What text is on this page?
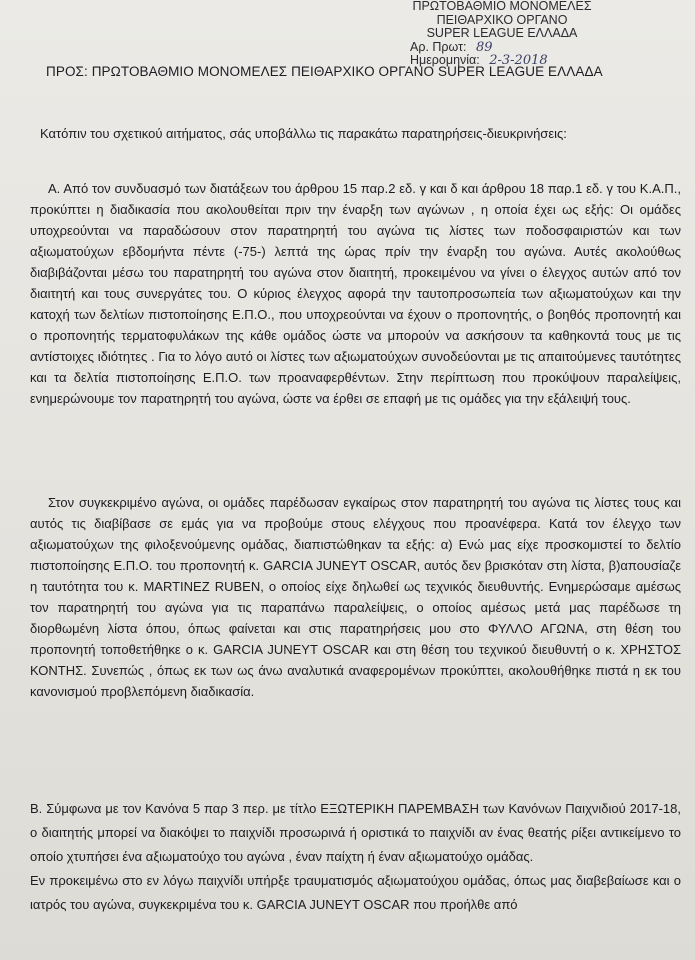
ΠΡΩΤΟΒΑΘΜΙΟ ΜΟΝΟΜΕΛΕΣ
ΠΕΙΘΑΡΧΙΚΟ ΟΡΓΑΝΟ
SUPER LEAGUE ΕΛΛΑΔΑ
Αρ. Πρωτ: 89
Ημερομηνία: 2-3-2018
ΠΡΟΣ: ΠΡΩΤΟΒΑΘΜΙΟ ΜΟΝΟΜΕΛΕΣ ΠΕΙΘΑΡΧΙΚΟ ΟΡΓΑΝΟ SUPER LEAGUE ΕΛΛΑΔΑ

Κατόπιν του σχετικού αιτήματος, σάς υποβάλλω τις παρακάτω παρατηρήσεις-διευκρινήσεις:

Α. Από τον συνδυασμό των διατάξεων του άρθρου 15 παρ.2 εδ. γ και δ και άρθρου 18 παρ.1 εδ. γ του Κ.Α.Π., προκύπτει η διαδικασία που ακολουθείται πριν την έναρξη των αγώνων , η οποία έχει ως εξής: Οι ομάδες υποχρεούνται να παραδώσουν στον παρατηρητή του αγώνα τις λίστες των ποδοσφαιριστών και των αξιωματούχων εβδομήντα πέντε (-75-) λεπτά της ώρας πρίν την έναρξη του αγώνα. Αυτές ακολούθως διαβιβάζονται μέσω του παρατηρητή του αγώνα στον διαιτητή, προκειμένου να γίνει ο έλεγχος αυτών από τον διαιτητή και τους συνεργάτες του. Ο κύριος έλεγχος αφορά την ταυτοπροσωπεία των αξιωματούχων και την κατοχή των δελτίων πιστοποίησης Ε.Π.Ο., που υποχρεούνται να έχουν ο προπονητής, ο βοηθός προπονητή και ο προπονητής τερματοφυλάκων της κάθε ομάδος ώστε να μπορούν να ασκήσουν τα καθηκοντά τους με τις αντίστοιχες ιδιότητες . Για το λόγο αυτό οι λίστες των αξιωματούχων συνοδεύονται με τις απαιτούμενες ταυτότητες και τα δελτία πιστοποίησης Ε.Π.Ο. των προαναφερθέντων. Στην περίπτωση που προκύψουν παραλείψεις, ενημερώνουμε τον παρατηρητή του αγώνα, ώστε να έρθει σε επαφή με τις ομάδες για την εξάλειψή τους.

Στον συγκεκριμένο αγώνα, οι ομάδες παρέδωσαν εγκαίρως στον παρατηρητή του αγώνα τις λίστες τους και αυτός τις διαβίβασε σε εμάς για να προβούμε στους ελέγχους που προανέφερα. Κατά τον έλεγχο των αξιωματούχων της φιλοξενούμενης ομάδας, διαπιστώθηκαν τα εξής: α) Ενώ μας είχε προσκομιστεί το δελτίο πιστοποίησης Ε.Π.Ο. του προπονητή κ. GARCIA JUNEYT OSCAR, αυτός δεν βρισκόταν στη λίστα, β)απουσίαζε η ταυτότητα του κ. MARTINEZ RUBEN, ο οποίος είχε δηλωθεί ως τεχνικός διευθυντής. Ενημερώσαμε αμέσως τον παρατηρητή του αγώνα για τις παραπάνω παραλείψεις, ο οποίος αμέσως μετά μας παρέδωσε τη διορθωμένη λίστα όπου, όπως φαίνεται και στις παρατηρήσεις μου στο ΦΥΛΛΟ ΑΓΩΝΑ, στη θέση του προπονητή τοποθετήθηκε ο κ. GARCIA JUNEYT OSCAR και στη θέση του τεχνικού διευθυντή ο κ. ΧΡΗΣΤΟΣ ΚΟΝΤΗΣ. Συνεπώς , όπως εκ των ως άνω αναλυτικά αναφερομένων προκύπτει, ακολουθήθηκε πιστά η εκ του κανονισμού προβλεπόμενη διαδικασία.

Β. Σύμφωνα με τον Κανόνα 5 παρ 3 περ. με τίτλο ΕΞΩΤΕΡΙΚΗ ΠΑΡΕΜΒΑΣΗ των Κανόνων Παιχνιδιού 2017-18, ο διαιτητής μπορεί να διακόψει το παιχνίδι προσωρινά ή οριστικά το παιχνίδι αν ένας θεατής ρίξει αντικείμενο το οποίο χτυπήσει ένα αξιωματούχο του αγώνα , έναν παίχτη ή έναν αξιωματούχο ομάδας.

Εν προκειμένω στο εν λόγω παιχνίδι υπήρξε τραυματισμός αξιωματούχου ομάδας, όπως μας διαβεβαίωσε και ο ιατρός του αγώνα, συγκεκριμένα του κ. GARCIA JUNEYT OSCAR που προήλθε από
